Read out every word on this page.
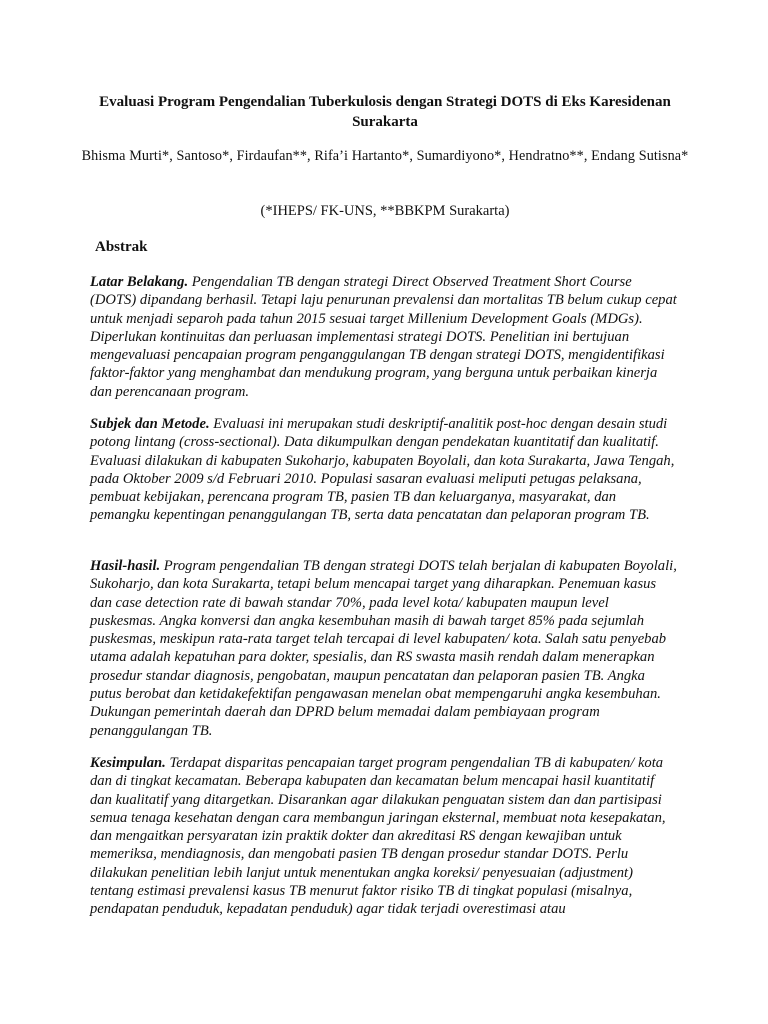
Evaluasi Program Pengendalian Tuberkulosis dengan Strategi DOTS di Eks Karesidenan Surakarta
Bhisma Murti*, Santoso*, Firdaufan**, Rifa’i Hartanto*, Sumardiyono*, Hendratno**, Endang Sutisna*
(*IHEPS/ FK-UNS, **BBKPM Surakarta)
Abstrak

Latar Belakang. Pengendalian TB dengan strategi Direct Observed Treatment Short Course (DOTS) dipandang berhasil. Tetapi laju penurunan prevalensi dan mortalitas TB belum cukup cepat untuk menjadi separoh pada tahun 2015 sesuai target Millenium Development Goals (MDGs). Diperlukan kontinuitas dan perluasan implementasi strategi DOTS. Penelitian ini bertujuan mengevaluasi pencapaian program penganggulangan TB dengan strategi DOTS, mengidentifikasi faktor-faktor yang menghambat dan mendukung program, yang berguna untuk perbaikan kinerja dan perencanaan program.

Subjek dan Metode. Evaluasi ini merupakan studi deskriptif-analitik post-hoc dengan desain studi potong lintang (cross-sectional). Data dikumpulkan dengan pendekatan kuantitatif dan kualitatif. Evaluasi dilakukan di kabupaten Sukoharjo, kabupaten Boyolali, dan kota Surakarta, Jawa Tengah, pada Oktober 2009 s/d Februari 2010. Populasi sasaran evaluasi meliputi petugas pelaksana, pembuat kebijakan, perencana program TB, pasien TB dan keluarganya, masyarakat, dan pemangku kepentingan penanggulangan TB, serta data pencatatan dan pelaporan program TB.

Hasil-hasil. Program pengendalian TB dengan strategi DOTS telah berjalan di kabupaten Boyolali, Sukoharjo, dan kota Surakarta, tetapi belum mencapai target yang diharapkan. Penemuan kasus dan case detection rate di bawah standar 70%, pada level kota/ kabupaten maupun level puskesmas. Angka konversi dan angka kesembuhan masih di bawah target 85% pada sejumlah puskesmas, meskipun rata-rata target telah tercapai di level kabupaten/ kota. Salah satu penyebab utama adalah kepatuhan para dokter, spesialis, dan RS swasta masih rendah dalam menerapkan prosedur standar diagnosis, pengobatan, maupun pencatatan dan pelaporan pasien TB. Angka putus berobat dan ketidakefektifan pengawasan menelan obat mempengaruhi angka kesembuhan. Dukungan pemerintah daerah dan DPRD belum memadai dalam pembiayaan program penanggulangan TB.

Kesimpulan. Terdapat disparitas pencapaian target program pengendalian TB di kabupaten/ kota dan di tingkat kecamatan. Beberapa kabupaten dan kecamatan belum mencapai hasil kuantitatif dan kualitatif yang ditargetkan. Disarankan agar dilakukan penguatan sistem dan dan partisipasi semua tenaga kesehatan dengan cara membangun jaringan eksternal, membuat nota kesepakatan, dan mengaitkan persyaratan izin praktik dokter dan akreditasi RS dengan kewajiban untuk memeriksa, mendiagnosis, dan mengobati pasien TB dengan prosedur standar DOTS. Perlu dilakukan penelitian lebih lanjut untuk menentukan angka koreksi/ penyesuaian (adjustment) tentang estimasi prevalensi kasus TB menurut faktor risiko TB di tingkat populasi (misalnya, pendapatan penduduk, kepadatan penduduk) agar tidak terjadi overestimasi atau
